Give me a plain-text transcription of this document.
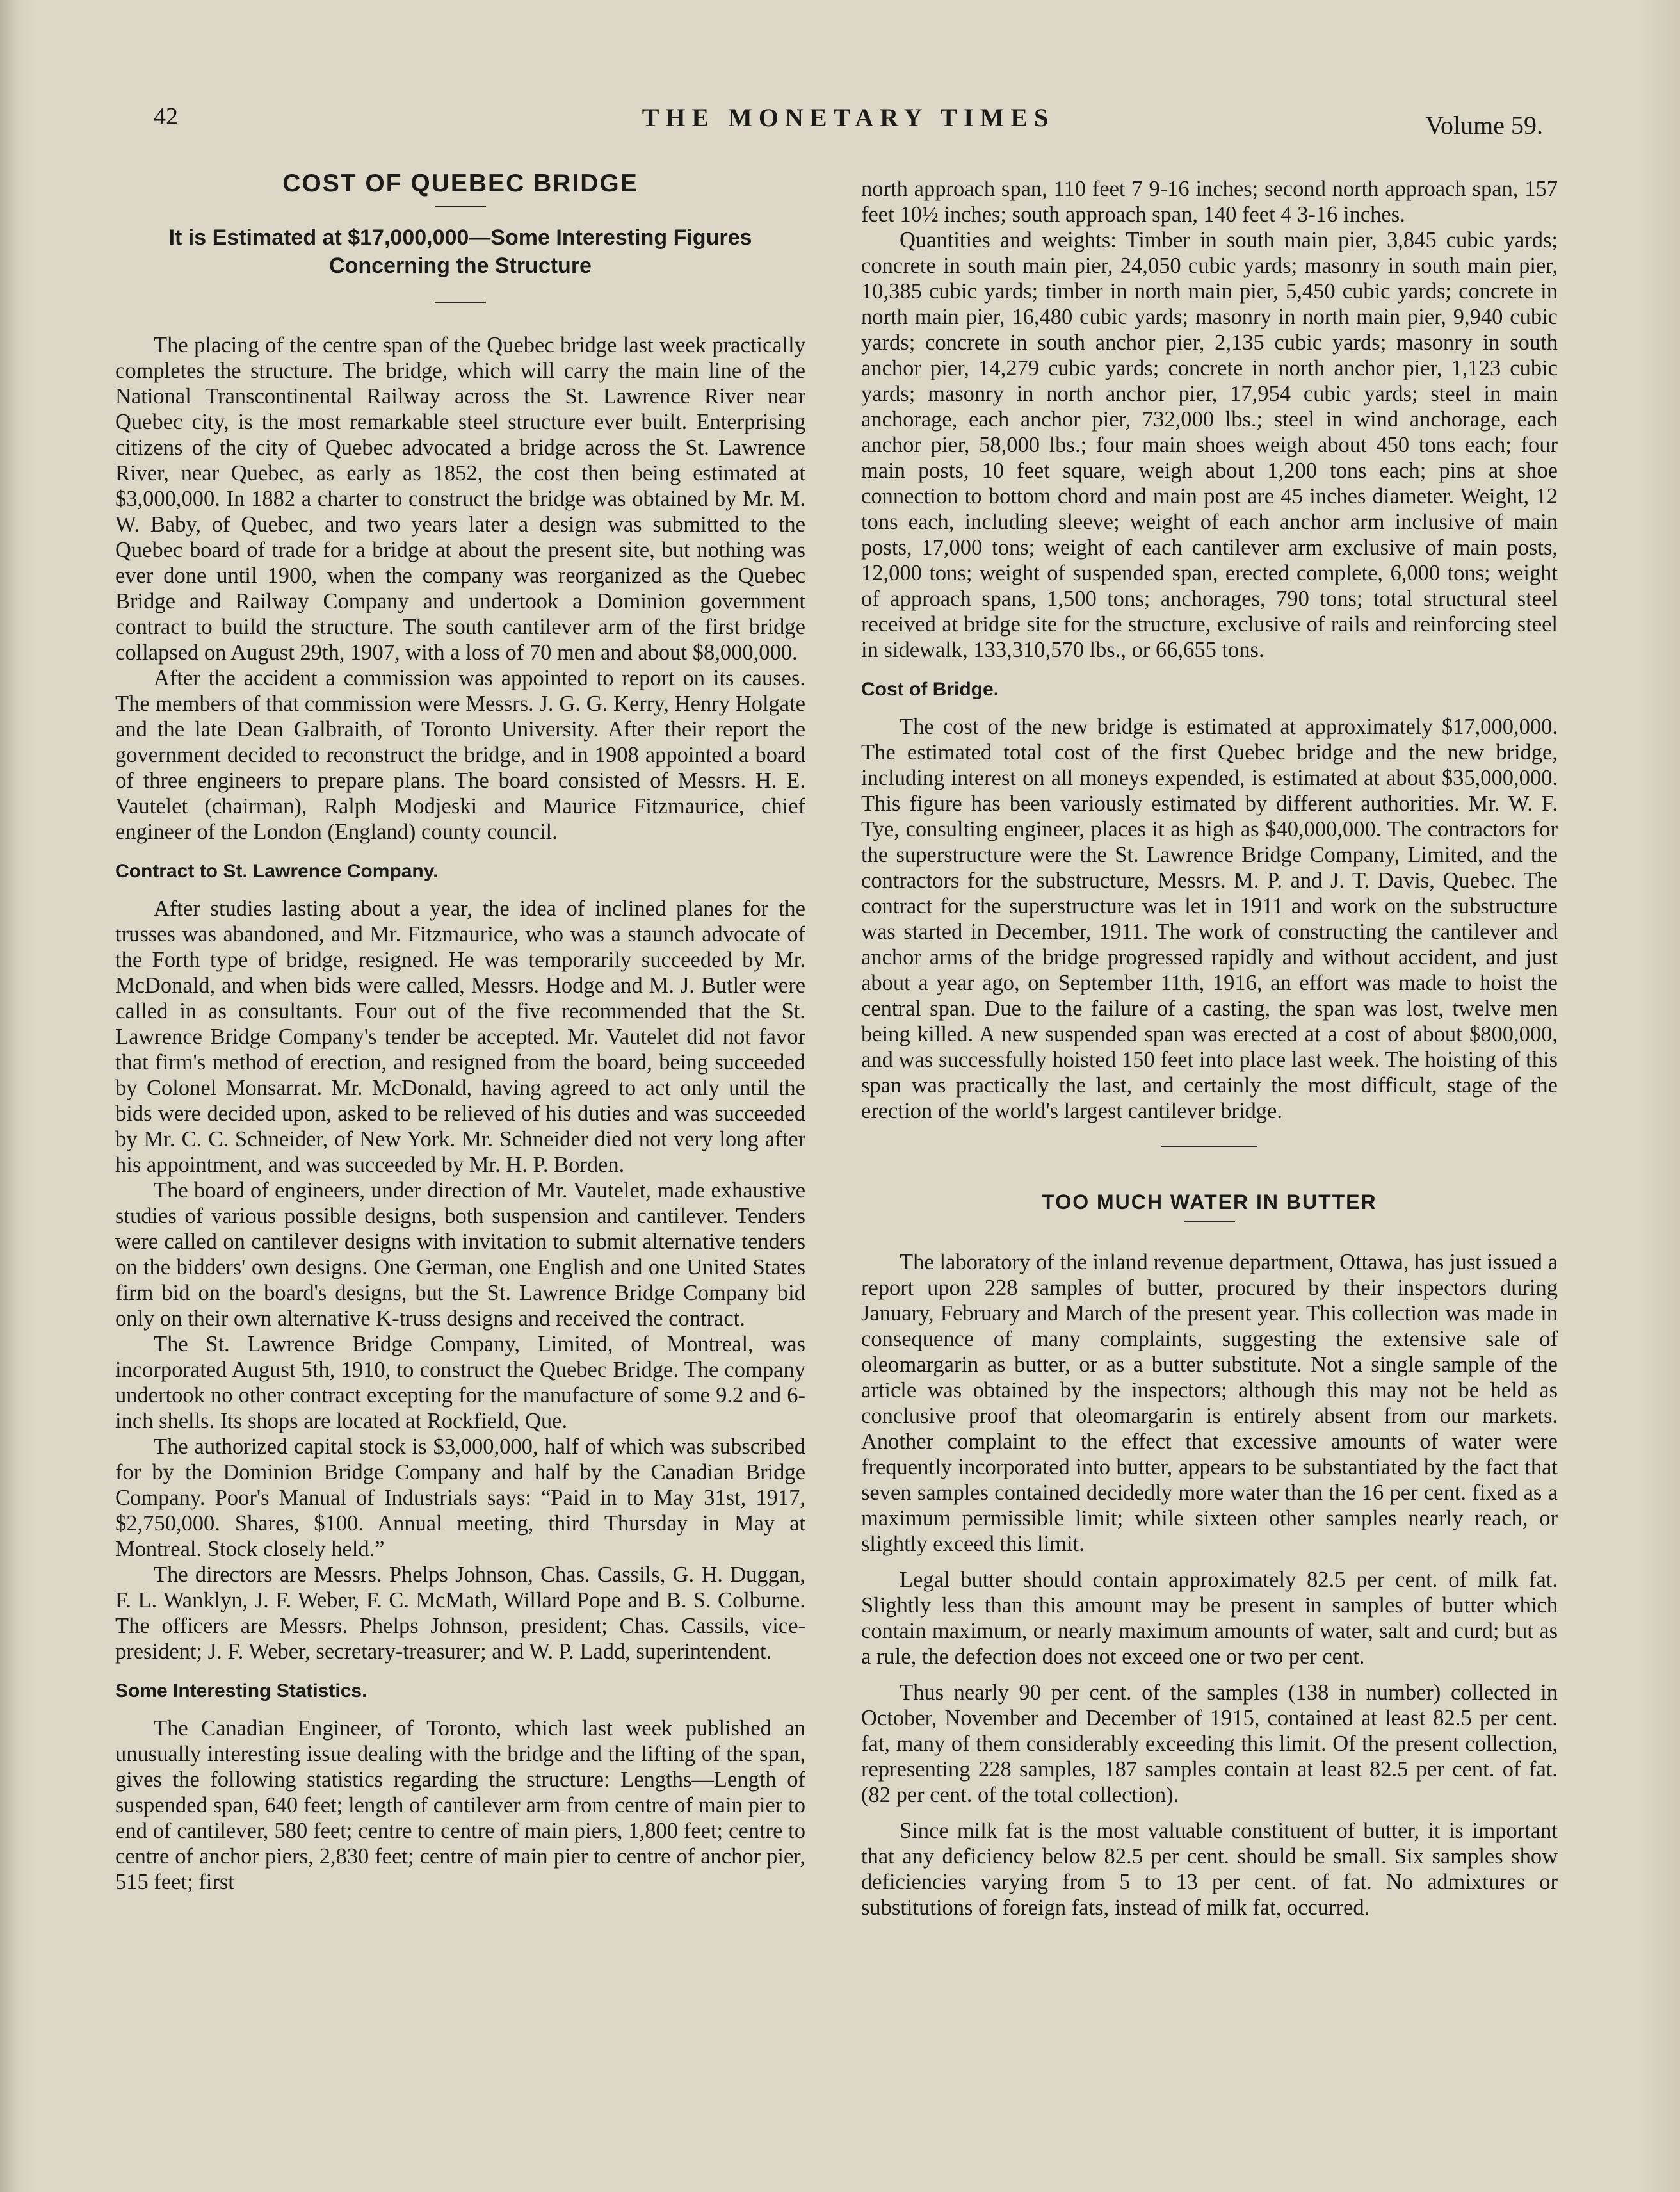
42	THE MONETARY TIMES	Volume 59.
COST OF QUEBEC BRIDGE
It is Estimated at $17,000,000—Some Interesting Figures Concerning the Structure

The placing of the centre span of the Quebec bridge last week practically completes the structure. The bridge, which will carry the main line of the National Transcontinental Railway across the St. Lawrence River near Quebec city, is the most remarkable steel structure ever built. Enterprising citizens of the city of Quebec advocated a bridge across the St. Lawrence River, near Quebec, as early as 1852, the cost then being estimated at $3,000,000. In 1882 a charter to construct the bridge was obtained by Mr. M. W. Baby, of Quebec, and two years later a design was submitted to the Quebec board of trade for a bridge at about the present site, but nothing was ever done until 1900, when the company was reorganized as the Quebec Bridge and Railway Company and undertook a Dominion government contract to build the structure. The south cantilever arm of the first bridge collapsed on August 29th, 1907, with a loss of 70 men and about $8,000,000.

After the accident a commission was appointed to report on its causes. The members of that commission were Messrs. J. G. G. Kerry, Henry Holgate and the late Dean Galbraith, of Toronto University. After their report the government decided to reconstruct the bridge, and in 1908 appointed a board of three engineers to prepare plans. The board consisted of Messrs. H. E. Vautelet (chairman), Ralph Modjeski and Maurice Fitzmaurice, chief engineer of the London (England) county council.

Contract to St. Lawrence Company.

After studies lasting about a year, the idea of inclined planes for the trusses was abandoned, and Mr. Fitzmaurice, who was a staunch advocate of the Forth type of bridge, resigned. He was temporarily succeeded by Mr. McDonald, and when bids were called, Messrs. Hodge and M. J. Butler were called in as consultants. Four out of the five recommended that the St. Lawrence Bridge Company's tender be accepted. Mr. Vautelet did not favor that firm's method of erection, and resigned from the board, being succeeded by Colonel Monsarrat. Mr. McDonald, having agreed to act only until the bids were decided upon, asked to be relieved of his duties and was succeeded by Mr. C. C. Schneider, of New York. Mr. Schneider died not very long after his appointment, and was succeeded by Mr. H. P. Borden.

The board of engineers, under direction of Mr. Vautelet, made exhaustive studies of various possible designs, both suspension and cantilever. Tenders were called on cantilever designs with invitation to submit alternative tenders on the bidders' own designs. One German, one English and one United States firm bid on the board's designs, but the St. Lawrence Bridge Company bid only on their own alternative K-truss designs and received the contract.

The St. Lawrence Bridge Company, Limited, of Montreal, was incorporated August 5th, 1910, to construct the Quebec Bridge. The company undertook no other contract excepting for the manufacture of some 9.2 and 6-inch shells. Its shops are located at Rockfield, Que.

The authorized capital stock is $3,000,000, half of which was subscribed for by the Dominion Bridge Company and half by the Canadian Bridge Company. Poor's Manual of Industrials says: “Paid in to May 31st, 1917, $2,750,000. Shares, $100. Annual meeting, third Thursday in May at Montreal. Stock closely held.”

The directors are Messrs. Phelps Johnson, Chas. Cassils, G. H. Duggan, F. L. Wanklyn, J. F. Weber, F. C. McMath, Willard Pope and B. S. Colburne. The officers are Messrs. Phelps Johnson, president; Chas. Cassils, vice-president; J. F. Weber, secretary-treasurer; and W. P. Ladd, superintendent.

Some Interesting Statistics.

The Canadian Engineer, of Toronto, which last week published an unusually interesting issue dealing with the bridge and the lifting of the span, gives the following statistics regarding the structure: Lengths—Length of suspended span, 640 feet; length of cantilever arm from centre of main pier to end of cantilever, 580 feet; centre to centre of main piers, 1,800 feet; centre to centre of anchor piers, 2,830 feet; centre of main pier to centre of anchor pier, 515 feet; first

north approach span, 110 feet 7 9-16 inches; second north approach span, 157 feet 10½ inches; south approach span, 140 feet 4 3-16 inches.

Quantities and weights: Timber in south main pier, 3,845 cubic yards; concrete in south main pier, 24,050 cubic yards; masonry in south main pier, 10,385 cubic yards; timber in north main pier, 5,450 cubic yards; concrete in north main pier, 16,480 cubic yards; masonry in north main pier, 9,940 cubic yards; concrete in south anchor pier, 2,135 cubic yards; masonry in south anchor pier, 14,279 cubic yards; concrete in north anchor pier, 1,123 cubic yards; masonry in north anchor pier, 17,954 cubic yards; steel in main anchorage, each anchor pier, 732,000 lbs.; steel in wind anchorage, each anchor pier, 58,000 lbs.; four main shoes weigh about 450 tons each; four main posts, 10 feet square, weigh about 1,200 tons each; pins at shoe connection to bottom chord and main post are 45 inches diameter. Weight, 12 tons each, including sleeve; weight of each anchor arm inclusive of main posts, 17,000 tons; weight of each cantilever arm exclusive of main posts, 12,000 tons; weight of suspended span, erected complete, 6,000 tons; weight of approach spans, 1,500 tons; anchorages, 790 tons; total structural steel received at bridge site for the structure, exclusive of rails and reinforcing steel in sidewalk, 133,310,570 lbs., or 66,655 tons.

Cost of Bridge.

The cost of the new bridge is estimated at approximately $17,000,000. The estimated total cost of the first Quebec bridge and the new bridge, including interest on all moneys expended, is estimated at about $35,000,000. This figure has been variously estimated by different authorities. Mr. W. F. Tye, consulting engineer, places it as high as $40,000,000. The contractors for the superstructure were the St. Lawrence Bridge Company, Limited, and the contractors for the substructure, Messrs. M. P. and J. T. Davis, Quebec. The contract for the superstructure was let in 1911 and work on the substructure was started in December, 1911. The work of constructing the cantilever and anchor arms of the bridge progressed rapidly and without accident, and just about a year ago, on September 11th, 1916, an effort was made to hoist the central span. Due to the failure of a casting, the span was lost, twelve men being killed. A new suspended span was erected at a cost of about $800,000, and was successfully hoisted 150 feet into place last week. The hoisting of this span was practically the last, and certainly the most difficult, stage of the erection of the world's largest cantilever bridge.

TOO MUCH WATER IN BUTTER

The laboratory of the inland revenue department, Ottawa, has just issued a report upon 228 samples of butter, procured by their inspectors during January, February and March of the present year. This collection was made in consequence of many complaints, suggesting the extensive sale of oleomargarin as butter, or as a butter substitute. Not a single sample of the article was obtained by the inspectors; although this may not be held as conclusive proof that oleomargarin is entirely absent from our markets. Another complaint to the effect that excessive amounts of water were frequently incorporated into butter, appears to be substantiated by the fact that seven samples contained decidedly more water than the 16 per cent. fixed as a maximum permissible limit; while sixteen other samples nearly reach, or slightly exceed this limit.

Legal butter should contain approximately 82.5 per cent. of milk fat. Slightly less than this amount may be present in samples of butter which contain maximum, or nearly maximum amounts of water, salt and curd; but as a rule, the defection does not exceed one or two per cent.

Thus nearly 90 per cent. of the samples (138 in number) collected in October, November and December of 1915, contained at least 82.5 per cent. fat, many of them considerably exceeding this limit. Of the present collection, representing 228 samples, 187 samples contain at least 82.5 per cent. of fat. (82 per cent. of the total collection).

Since milk fat is the most valuable constituent of butter, it is important that any deficiency below 82.5 per cent. should be small. Six samples show deficiencies varying from 5 to 13 per cent. of fat. No admixtures or substitutions of foreign fats, instead of milk fat, occurred.
